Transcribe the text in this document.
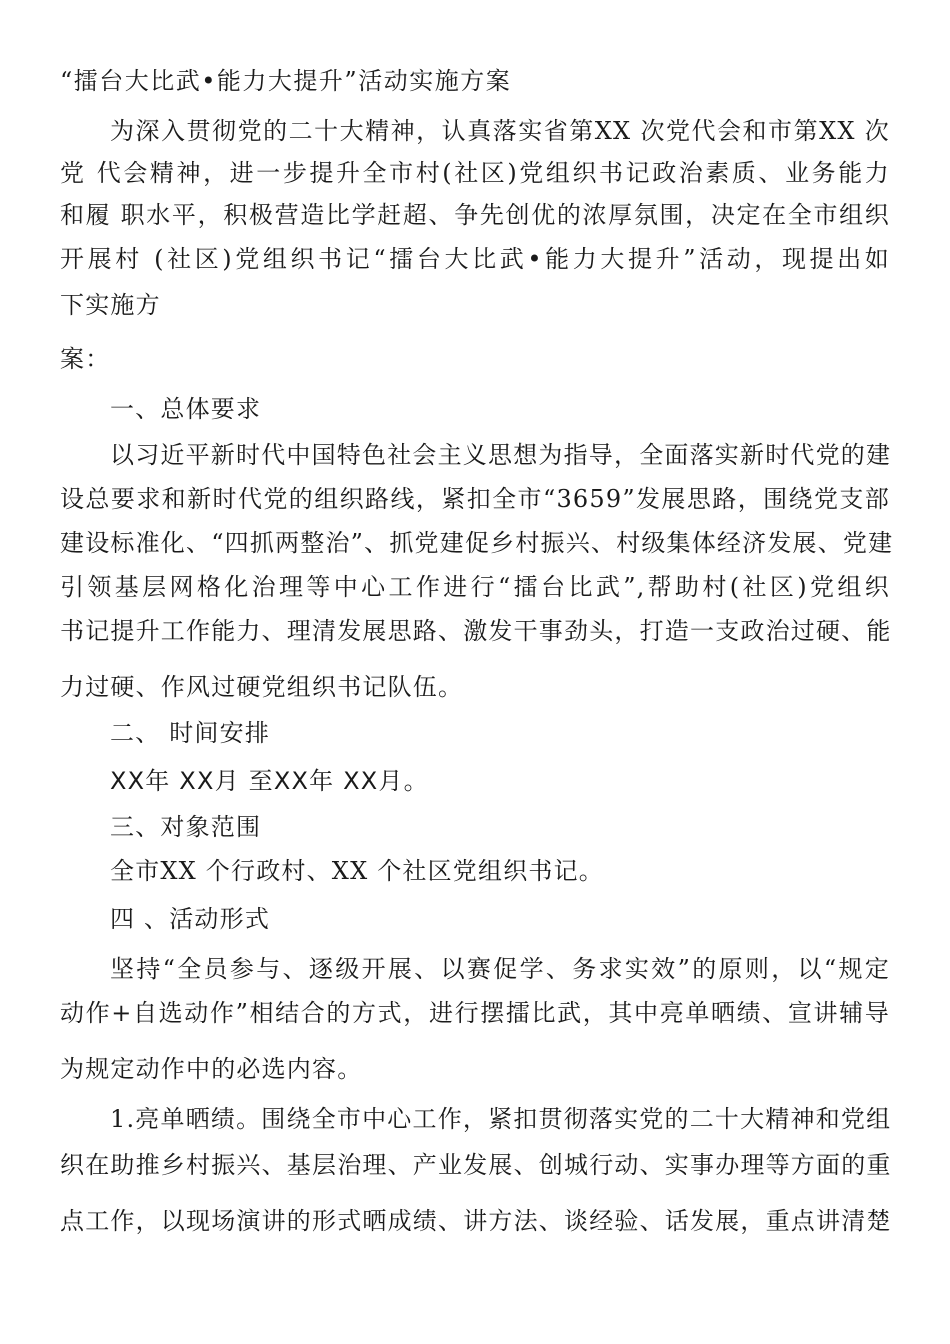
“擂台大比武•能力大提升”活动实施方案
为深入贯彻党的二十大精神，认真落实省第XX 次党代会和市第XX 次
党 代会精神，进一步提升全市村(社区)党组织书记政治素质、业务能力
和履 职水平，积极营造比学赶超、争先创优的浓厚氛围，决定在全市组织
开展村 (社区)党组织书记“擂台大比武•能力大提升”活动，现提出如
下实施方
案：
一、总体要求
以习近平新时代中国特色社会主义思想为指导，全面落实新时代党的建
设总要求和新时代党的组织路线，紧扣全市“3659”发展思路，围绕党支部
建设标准化、“四抓两整治”、抓党建促乡村振兴、村级集体经济发展、党建
引领基层网格化治理等中心工作进行“擂台比武”,帮助村(社区)党组织
书记提升工作能力、理清发展思路、激发干事劲头，打造一支政治过硬、能
力过硬、作风过硬党组织书记队伍。
二、 时间安排
XX年 XX月 至XX年 XX月。
三、对象范围
全市XX 个行政村、XX 个社区党组织书记。
四 、活动形式
坚持“全员参与、逐级开展、以赛促学、务求实效”的原则，以“规定
动作+自选动作”相结合的方式，进行摆擂比武，其中亮单晒绩、宣讲辅导
为规定动作中的必选内容。
1.亮单晒绩。围绕全市中心工作，紧扣贯彻落实党的二十大精神和党组
织在助推乡村振兴、基层治理、产业发展、创城行动、实事办理等方面的重
点工作，以现场演讲的形式晒成绩、讲方法、谈经验、话发展，重点讲清楚
